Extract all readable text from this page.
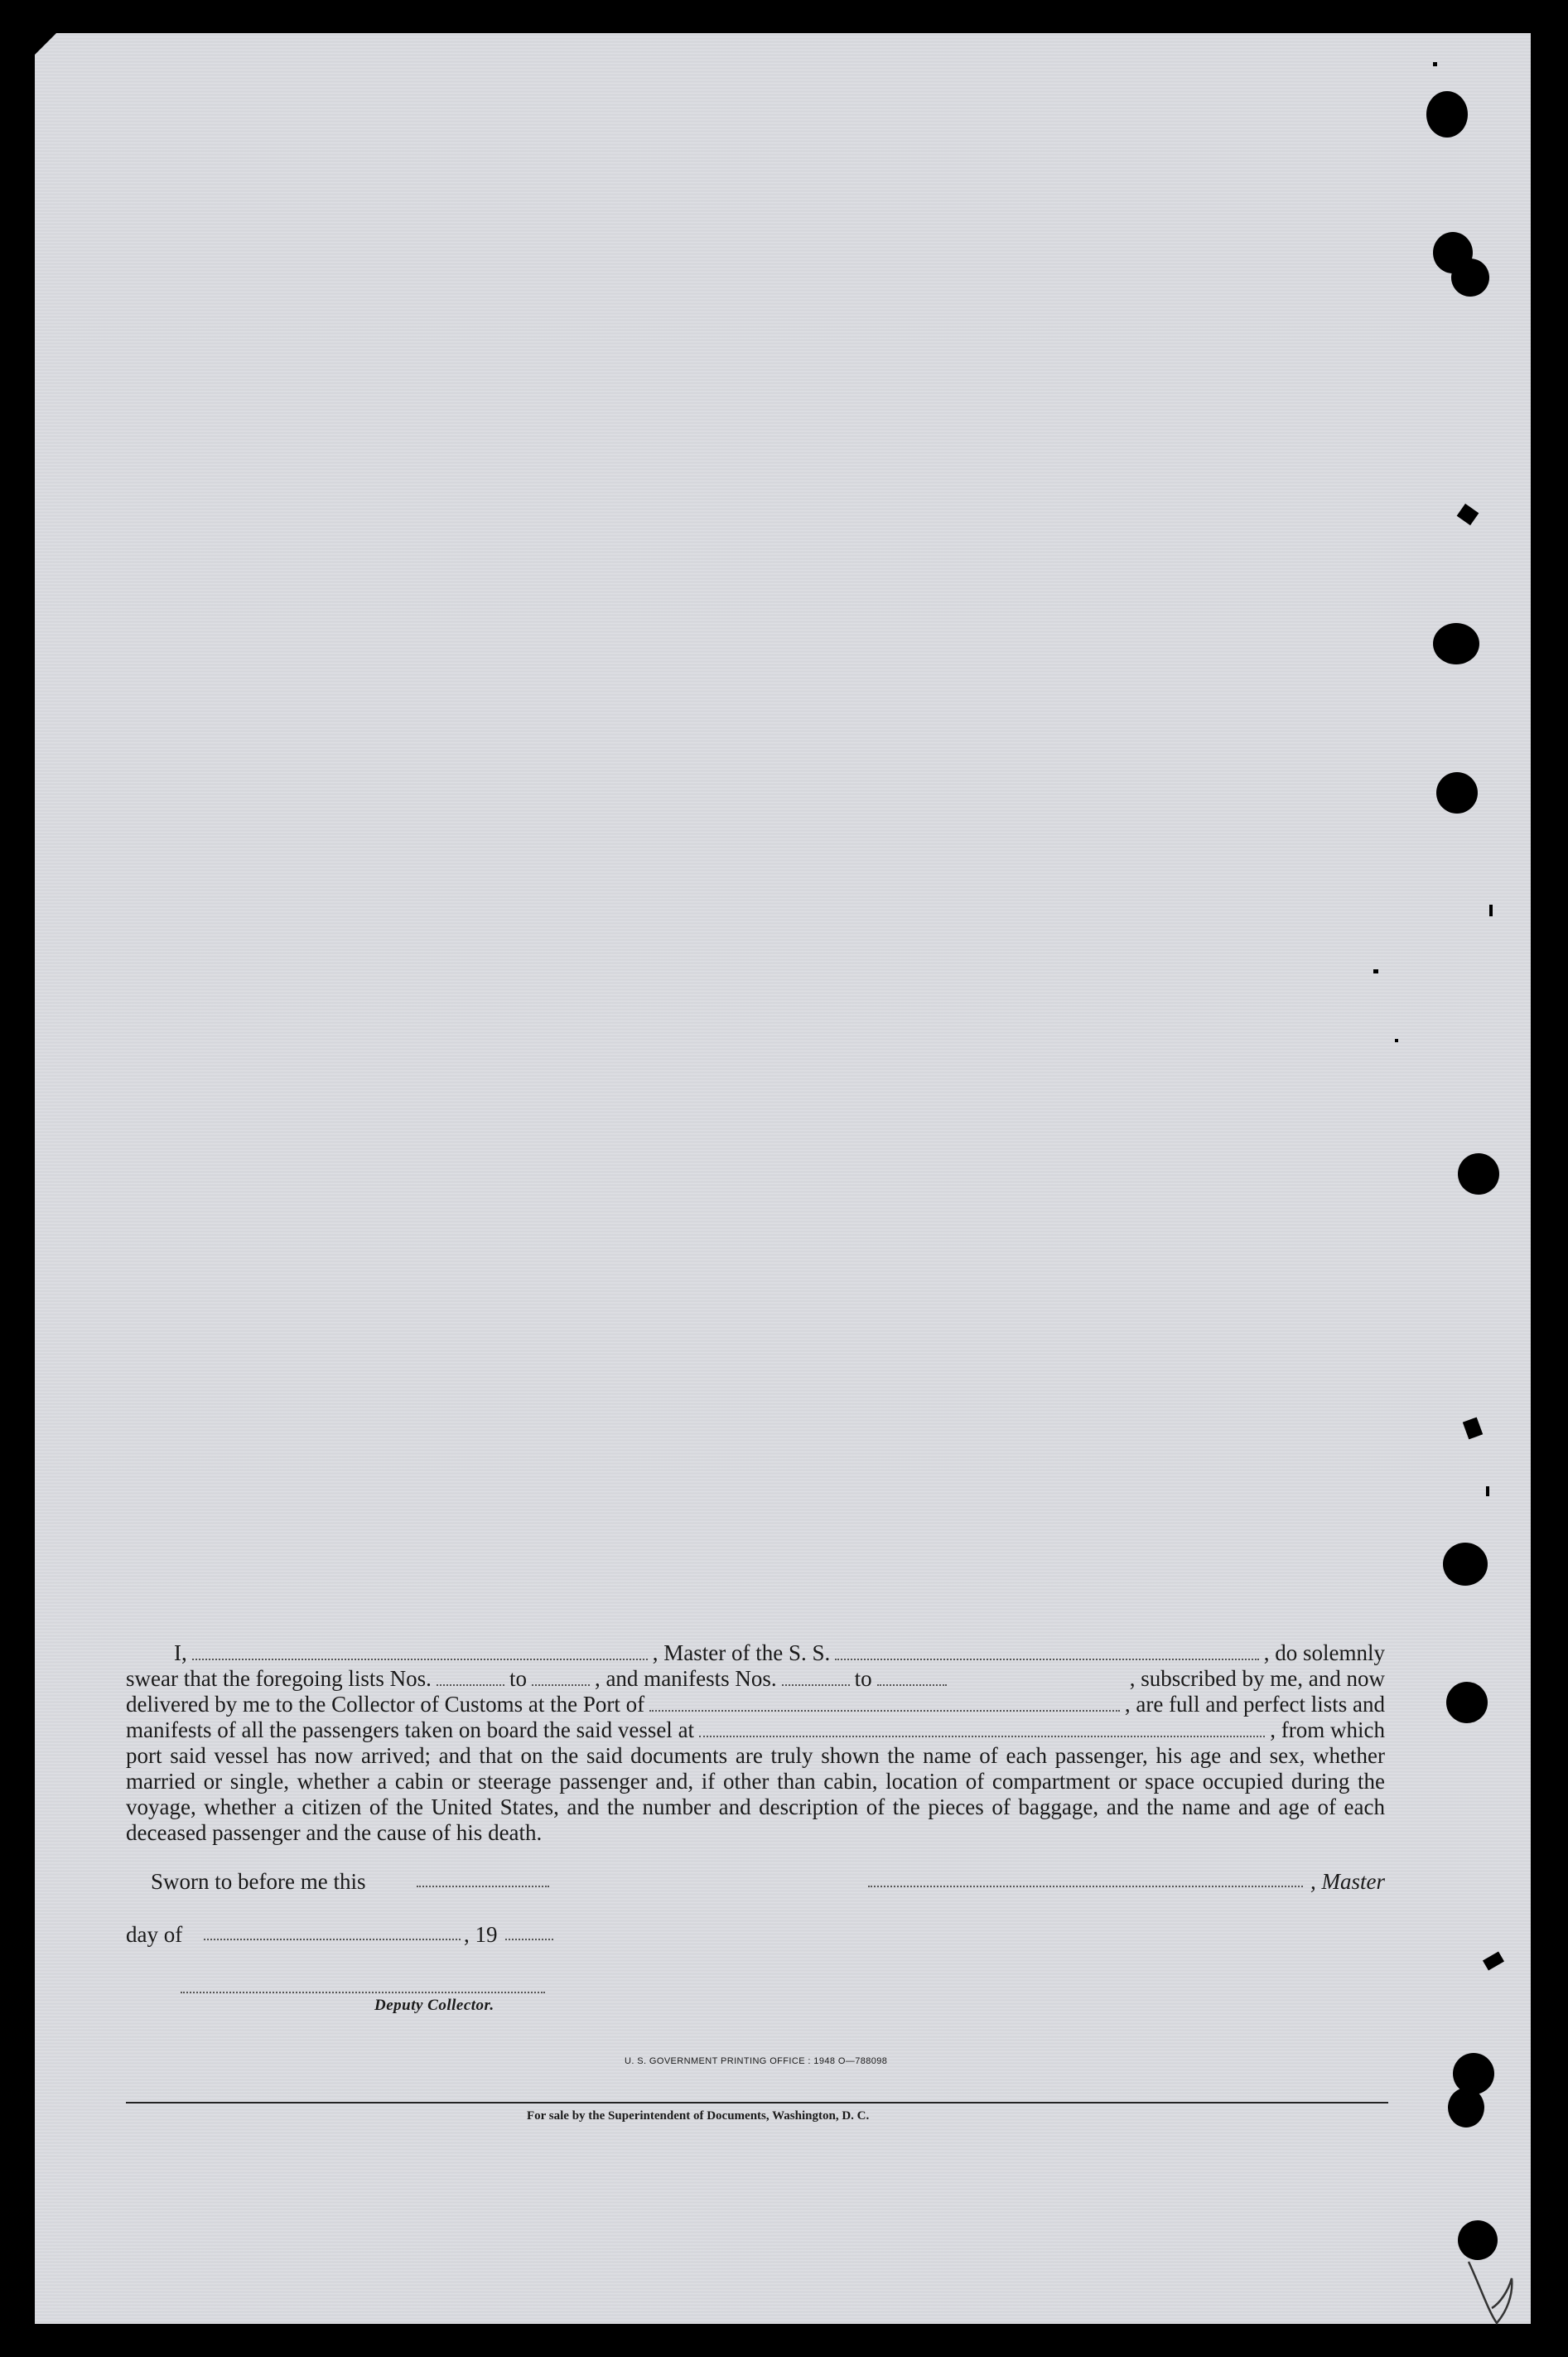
I,	, Master of the S. S.	, do solemnly
swear that the foregoing lists Nos.	to	, and manifests Nos.	to	, subscribed by me, and now
delivered by me to the Collector of Customs at the Port of	, are full and perfect lists and
manifests of all the passengers taken on board the said vessel at	, from which

port said vessel has now arrived; and that on the said documents are truly shown the name of each passenger, his age and sex, whether married or single, whether a cabin or steerage passenger and, if other than cabin, location of compartment or space occupied during the voyage, whether a citizen of the United States, and the number and description of the pieces of baggage, and the name and age of each deceased passenger and the cause of his death.

Sworn to before me this	, Master
day of	, 19
Deputy Collector.
U. S. GOVERNMENT PRINTING OFFICE : 1948 O—788098
For sale by the Superintendent of Documents, Washington, D. C.
